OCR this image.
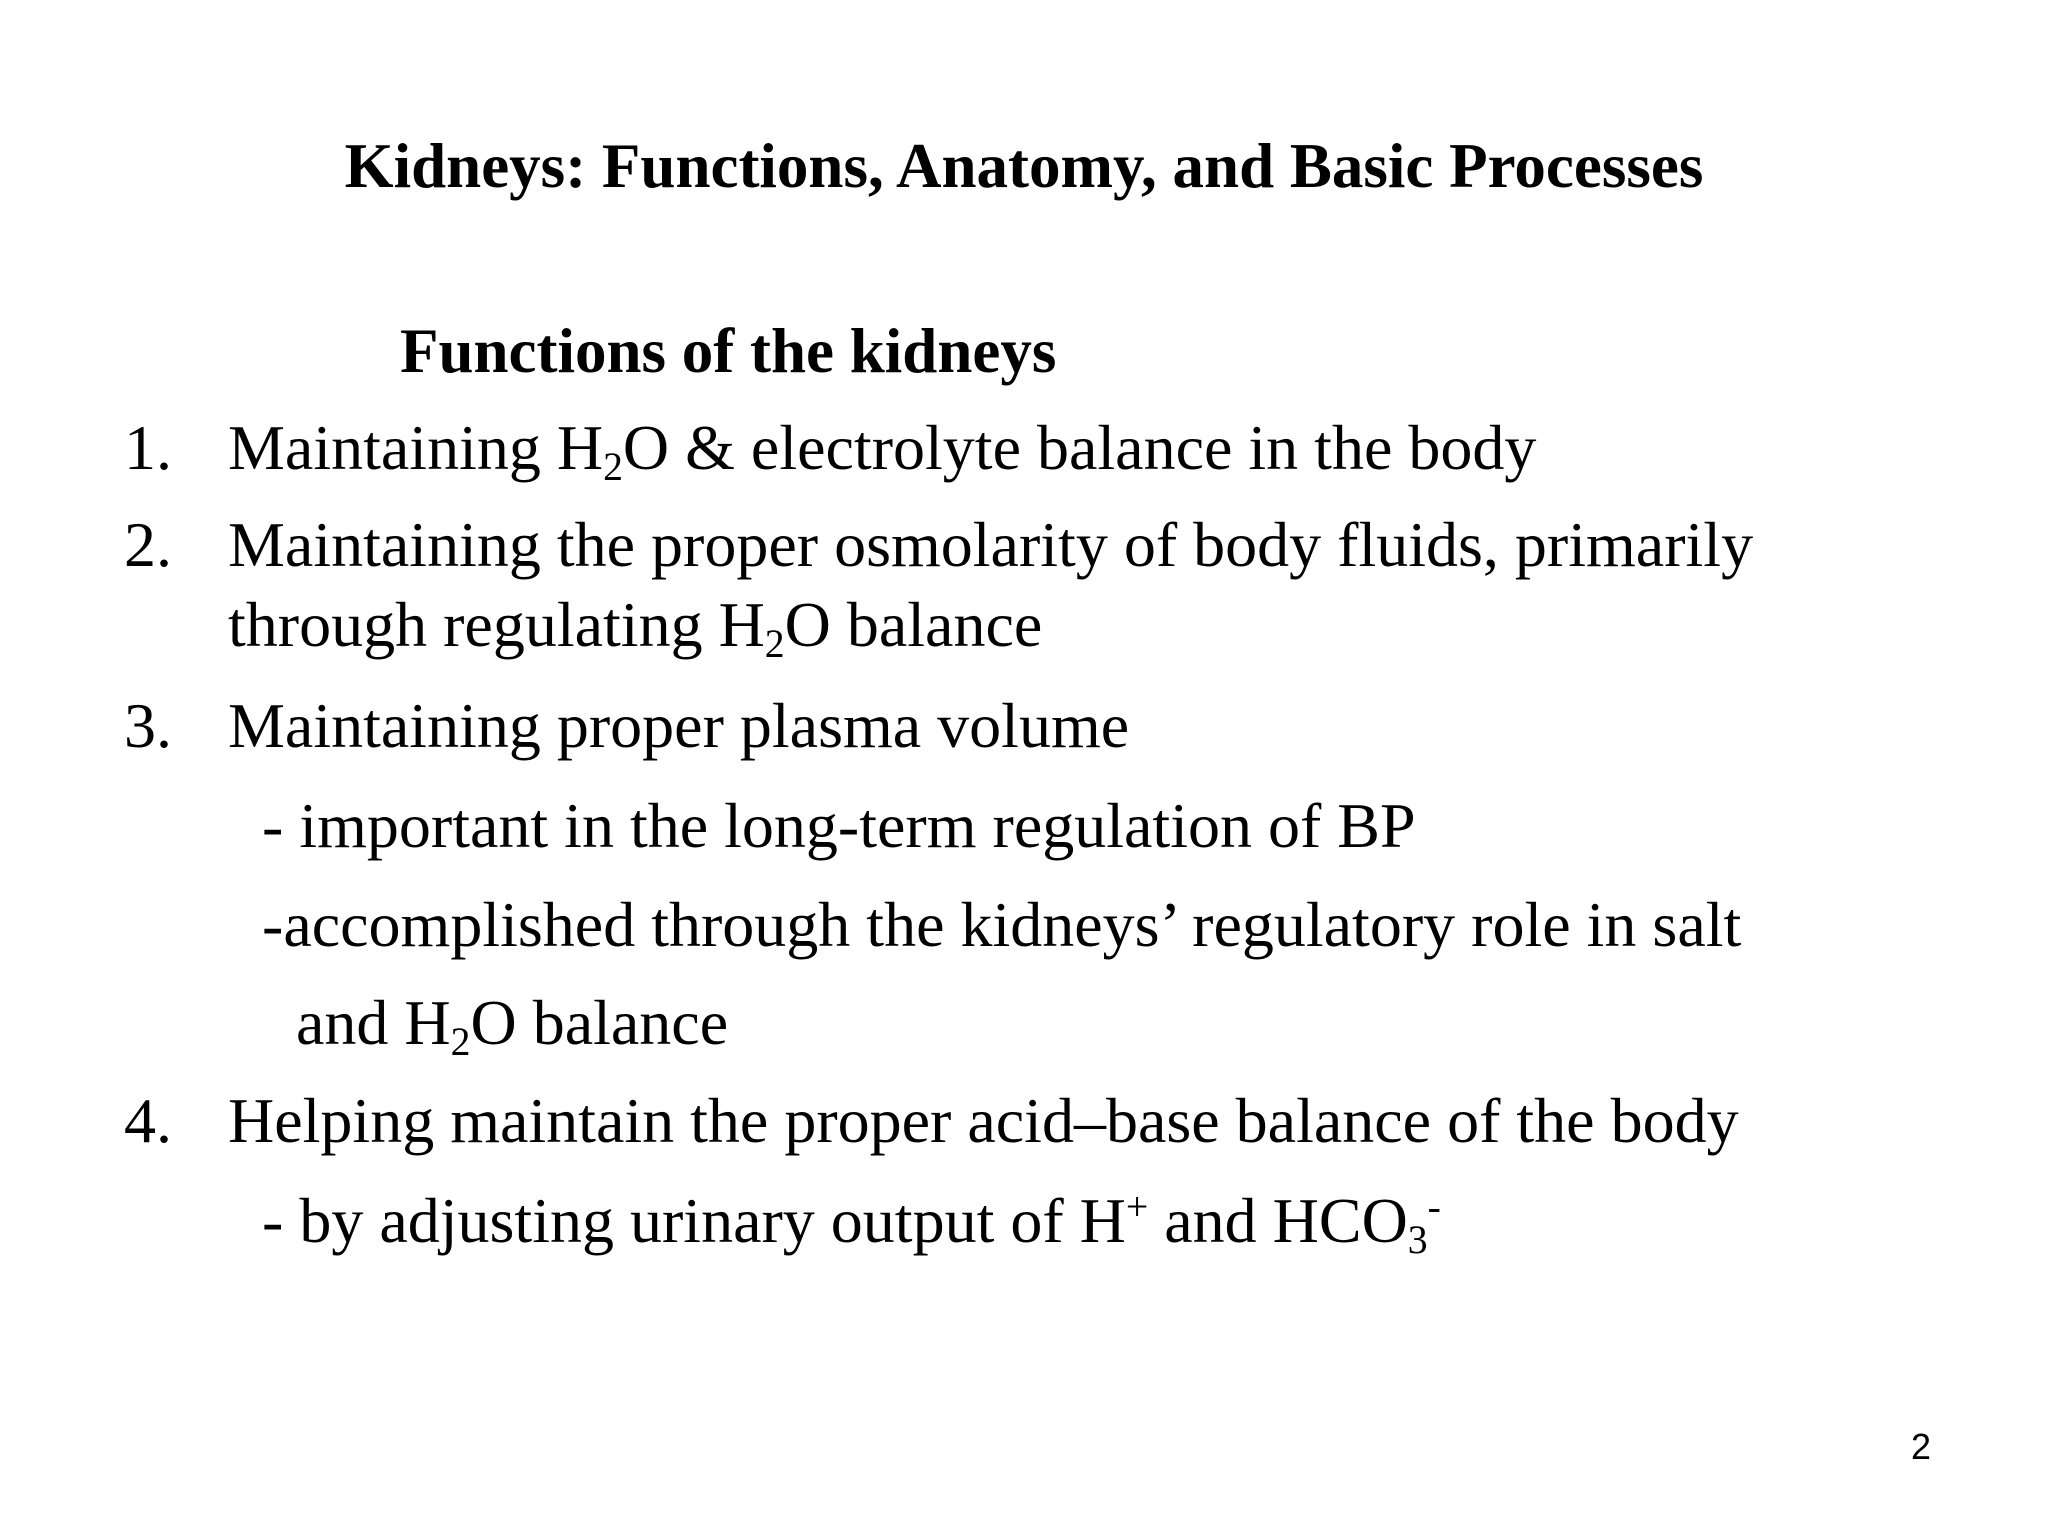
Kidneys: Functions, Anatomy, and Basic Processes
Functions of the kidneys
1. Maintaining $H_2O$ & electrolyte balance in the body
2. Maintaining the proper osmolarity of body fluids, primarily
through regulating $H_2O$ balance
3. Maintaining proper plasma volume
- important in the long-term regulation of BP
-accomplished through the kidneys’ regulatory role in salt
and $H_2O$ balance
4. Helping maintain the proper acid–base balance of the body
- by adjusting urinary output of H+ and $HCO_3^-$
2
